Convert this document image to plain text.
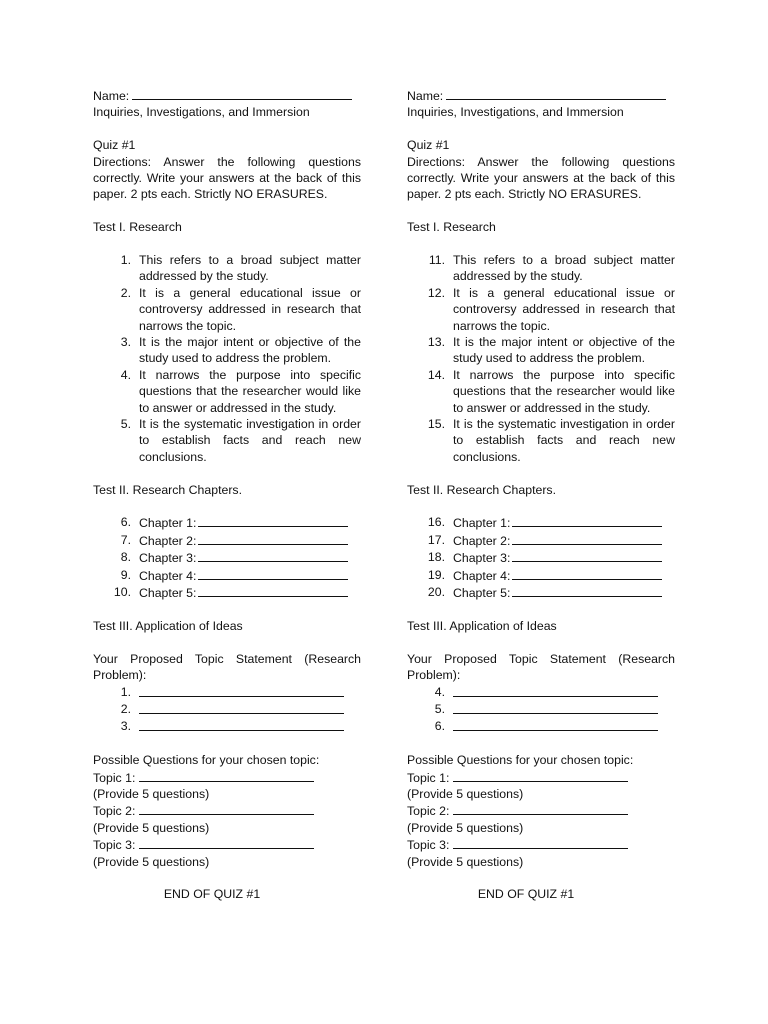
Name:
Inquiries, Investigations, and Immersion
Quiz #1
Directions: Answer the following questions correctly. Write your answers at the back of this paper. 2 pts each. Strictly NO ERASURES.
Test I. Research
1. This refers to a broad subject matter addressed by the study.
2. It is a general educational issue or controversy addressed in research that narrows the topic.
3. It is the major intent or objective of the study used to address the problem.
4. It narrows the purpose into specific questions that the researcher would like to answer or addressed in the study.
5. It is the systematic investigation in order to establish facts and reach new conclusions.
Test II. Research Chapters.
6. Chapter 1:
7. Chapter 2:
8. Chapter 3:
9. Chapter 4:
10. Chapter 5:
Test III. Application of Ideas
Your Proposed Topic Statement (Research Problem):
1.
2.
3.
Possible Questions for your chosen topic:
Topic 1:
(Provide 5 questions)
Topic 2:
(Provide 5 questions)
Topic 3:
(Provide 5 questions)
END OF QUIZ #1
Name:
Inquiries, Investigations, and Immersion
Quiz #1
Directions: Answer the following questions correctly. Write your answers at the back of this paper. 2 pts each. Strictly NO ERASURES.
Test I. Research
11. This refers to a broad subject matter addressed by the study.
12. It is a general educational issue or controversy addressed in research that narrows the topic.
13. It is the major intent or objective of the study used to address the problem.
14. It narrows the purpose into specific questions that the researcher would like to answer or addressed in the study.
15. It is the systematic investigation in order to establish facts and reach new conclusions.
Test II. Research Chapters.
16. Chapter 1:
17. Chapter 2:
18. Chapter 3:
19. Chapter 4:
20. Chapter 5:
Test III. Application of Ideas
Your Proposed Topic Statement (Research Problem):
4.
5.
6.
Possible Questions for your chosen topic:
Topic 1:
(Provide 5 questions)
Topic 2:
(Provide 5 questions)
Topic 3:
(Provide 5 questions)
END OF QUIZ #1
